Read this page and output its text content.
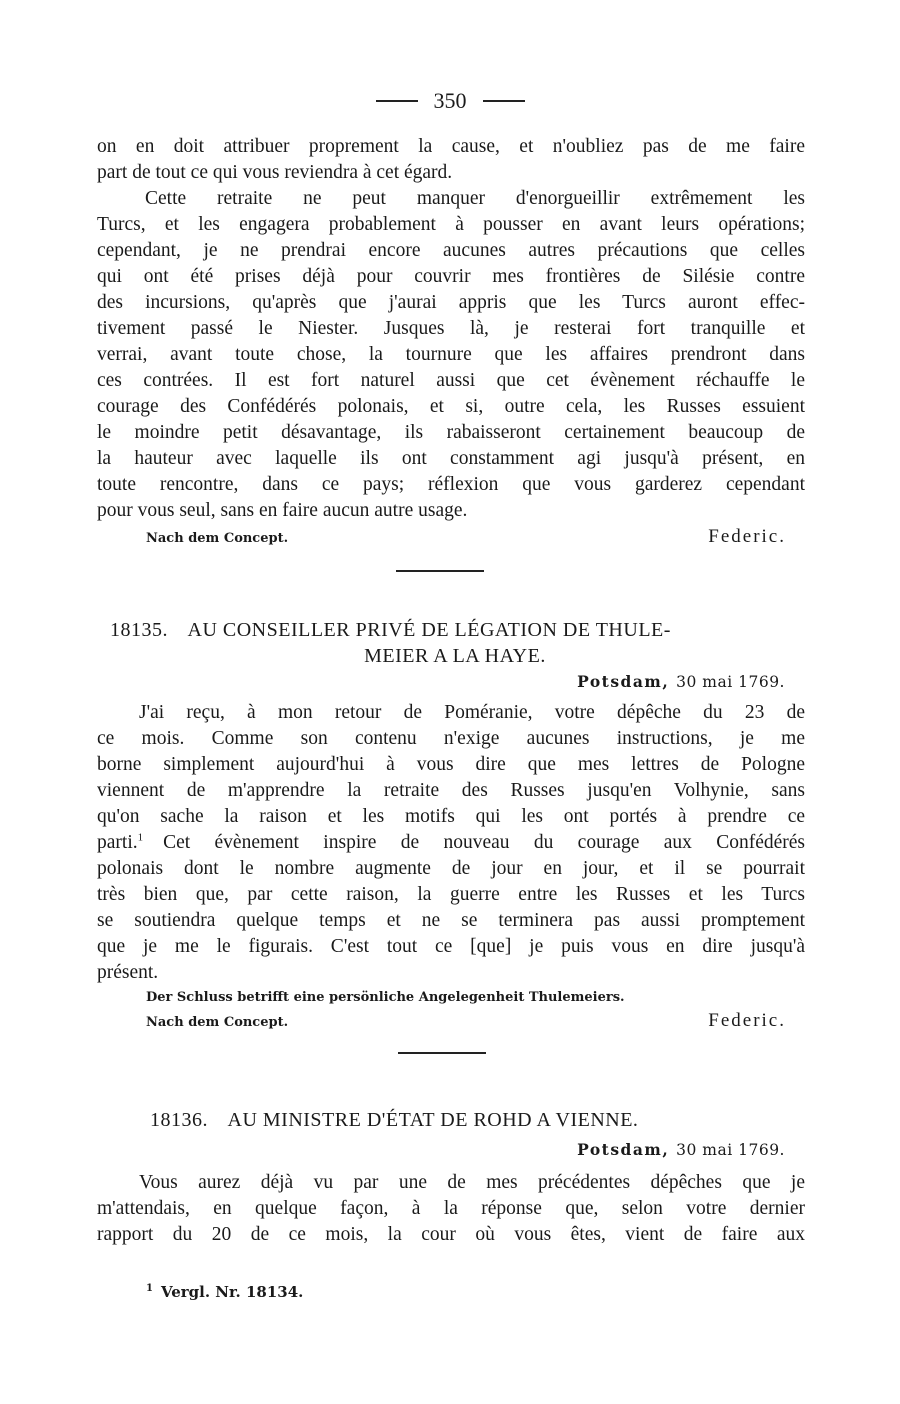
350
on en doit attribuer proprement la cause, et n'oubliez pas de me faire
part de tout ce qui vous reviendra à cet égard.
Cette retraite ne peut manquer d'enorgueillir extrêmement les
Turcs, et les engagera probablement à pousser en avant leurs opérations;
cependant, je ne prendrai encore aucunes autres précautions que celles
qui ont été prises déjà pour couvrir mes frontières de Silésie contre
des incursions, qu'après que j'aurai appris que les Turcs auront effec-
tivement passé le Niester. Jusques là, je resterai fort tranquille et
verrai, avant toute chose, la tournure que les affaires prendront dans
ces contrées. Il est fort naturel aussi que cet évènement réchauffe le
courage des Confédérés polonais, et si, outre cela, les Russes essuient
le moindre petit désavantage, ils rabaisseront certainement beaucoup de
la hauteur avec laquelle ils ont constamment agi jusqu'à présent, en
toute rencontre, dans ce pays; réflexion que vous garderez cependant
pour vous seul, sans en faire aucun autre usage.
Nach dem Concept.	Federic.
18135. AU CONSEILLER PRIVÉ DE LÉGATION DE THULE-
MEIER A LA HAYE.
Potsdam, 30 mai 1769.
J'ai reçu, à mon retour de Poméranie, votre dépêche du 23 de
ce mois. Comme son contenu n'exige aucunes instructions, je me
borne simplement aujourd'hui à vous dire que mes lettres de Pologne
viennent de m'apprendre la retraite des Russes jusqu'en Volhynie, sans
qu'on sache la raison et les motifs qui les ont portés à prendre ce
parti.$^1$ Cet évènement inspire de nouveau du courage aux Confédérés
polonais dont le nombre augmente de jour en jour, et il se pourrait
très bien que, par cette raison, la guerre entre les Russes et les Turcs
se soutiendra quelque temps et ne se terminera pas aussi promptement
que je me le figurais. C'est tout ce [que] je puis vous en dire jusqu'à
présent.
Der Schluss betrifft eine persönliche Angelegenheit Thulemeiers.
Nach dem Concept.	Federic.
18136. AU MINISTRE D'ÉTAT DE ROHD A VIENNE.
Potsdam, 30 mai 1769.
Vous aurez déjà vu par une de mes précédentes dépêches que je
m'attendais, en quelque façon, à la réponse que, selon votre dernier
rapport du 20 de ce mois, la cour où vous êtes, vient de faire aux
$^1$ Vergl. Nr. 18134.
